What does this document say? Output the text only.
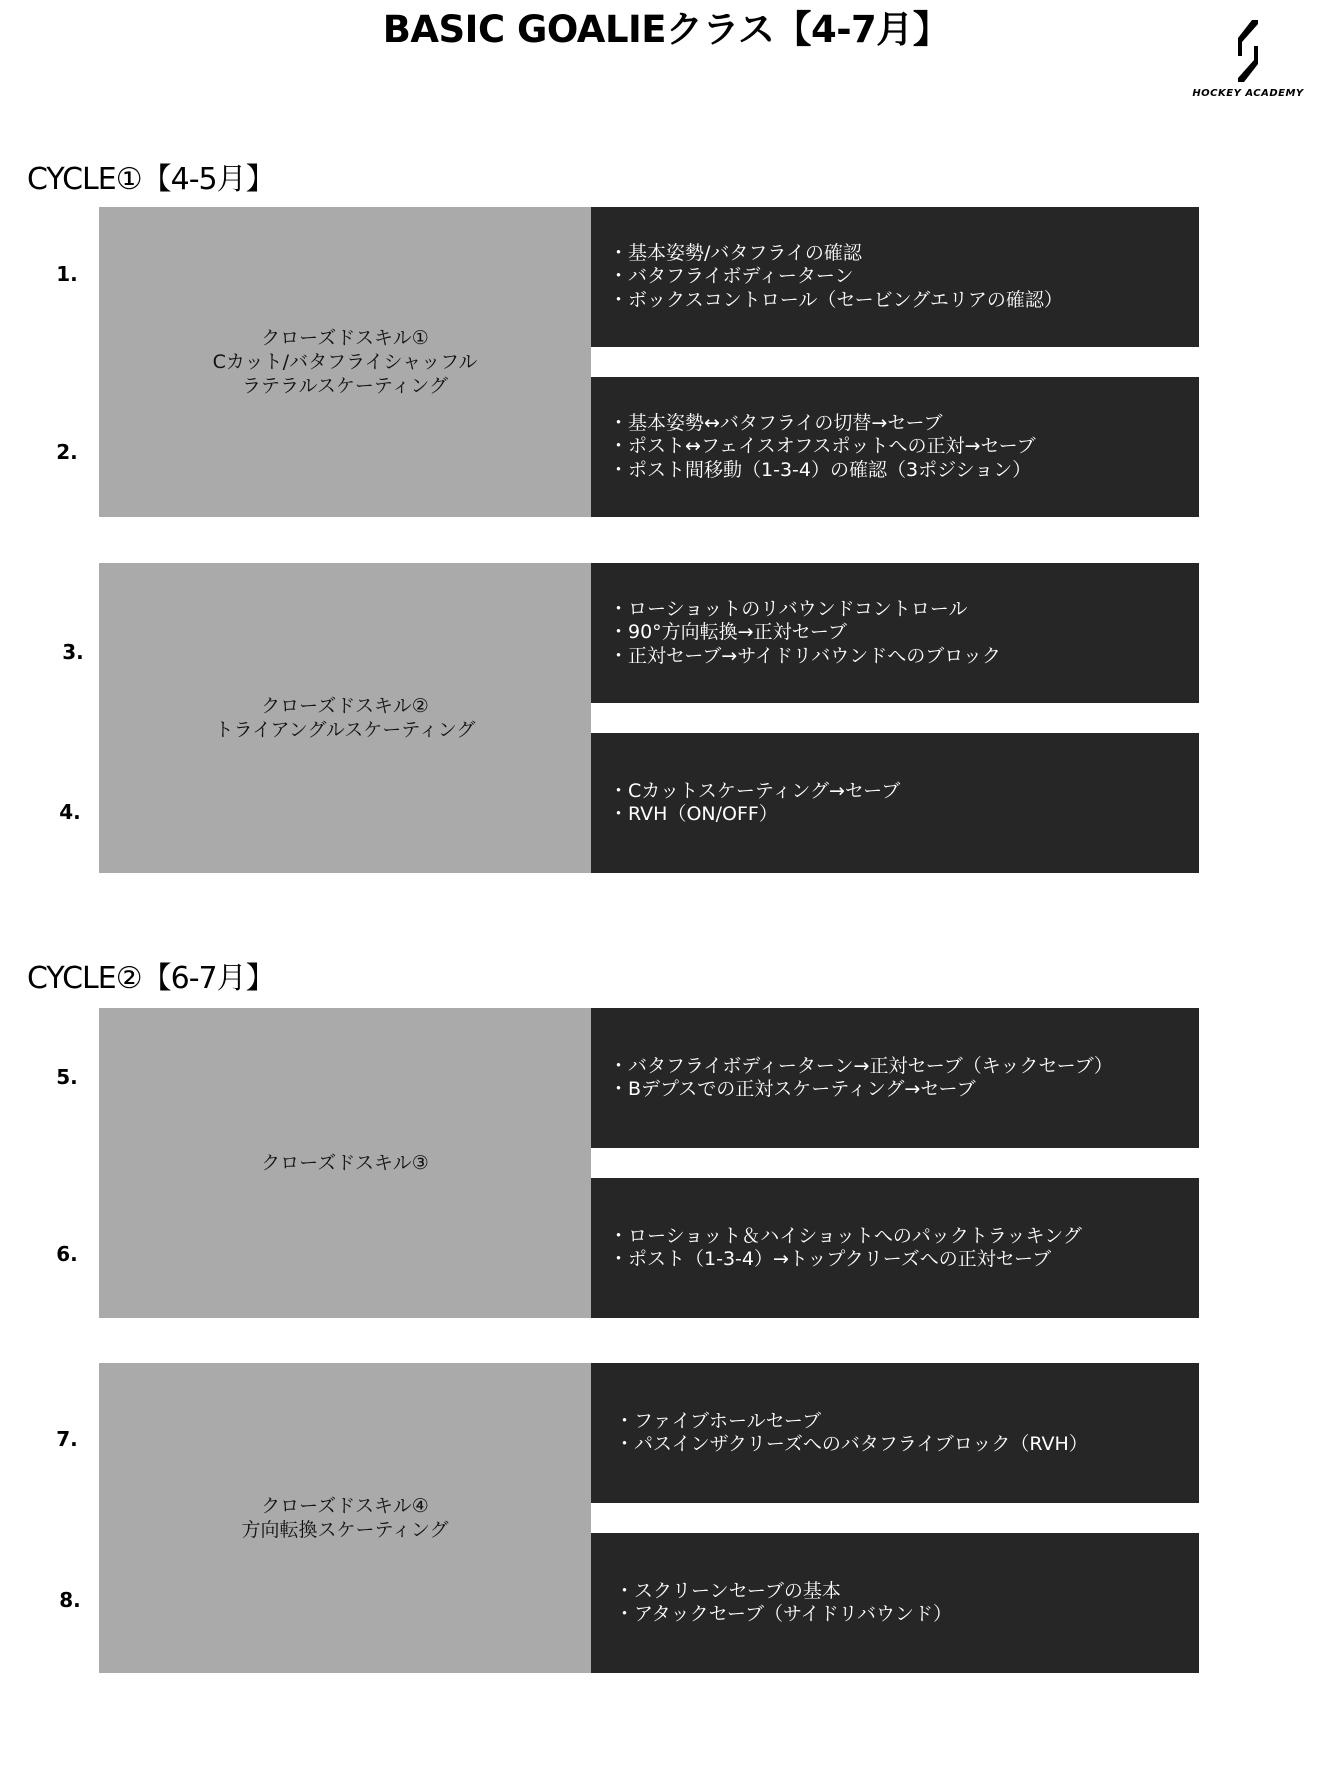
BASIC GOALIEクラス【4-7月】
HOCKEY ACADEMY
CYCLE①【4-5月】
1.
2.
クローズドスキル①
Cカット/バタフライシャッフル
ラテラルスケーティング
・基本姿勢/バタフライの確認
・バタフライボディーターン
・ボックスコントロール（セービングエリアの確認）
・基本姿勢↔バタフライの切替→セーブ
・ポスト↔フェイスオフスポットへの正対→セーブ
・ポスト間移動（1-3-4）の確認（3ポジション）
3.
4.
クローズドスキル②
トライアングルスケーティング
・ローショットのリバウンドコントロール
・90°方向転換→正対セーブ
・正対セーブ→サイドリバウンドへのブロック
・Cカットスケーティング→セーブ
・RVH（ON/OFF）
CYCLE②【6-7月】
5.
6.
クローズドスキル③
・バタフライボディーターン→正対セーブ（キックセーブ）
・Bデプスでの正対スケーティング→セーブ
・ローショット＆ハイショットへのパックトラッキング
・ポスト（1-3-4）→トップクリーズへの正対セーブ
7.
8.
クローズドスキル④
方向転換スケーティング
・ファイブホールセーブ
・パスインザクリーズへのバタフライブロック（RVH）
・スクリーンセーブの基本
・アタックセーブ（サイドリバウンド）
